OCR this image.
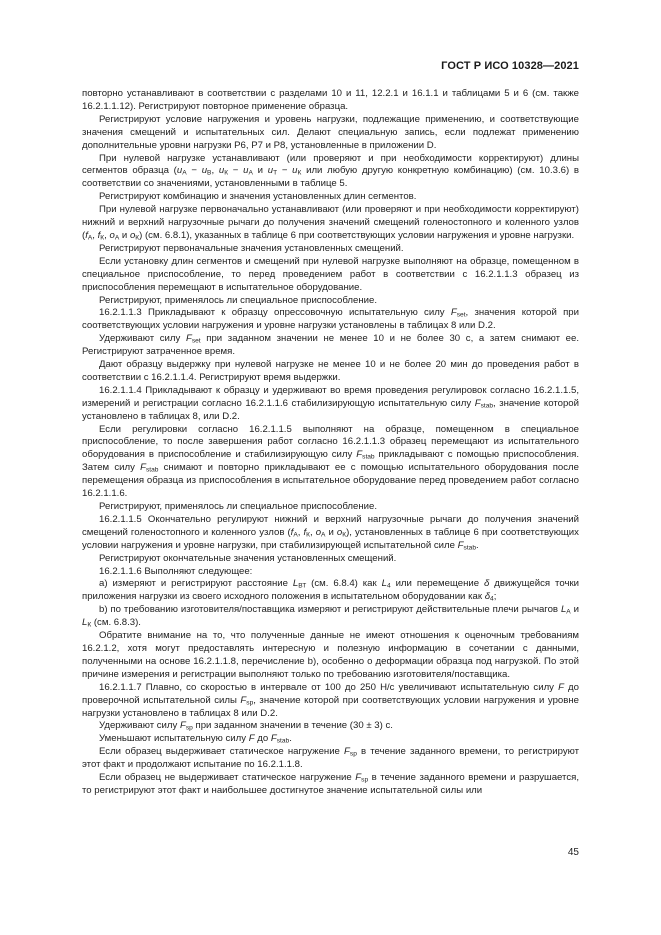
ГОСТ Р ИСО 10328—2021

повторно устанавливают в соответствии с разделами 10 и 11, 12.2.1 и 16.1.1 и таблицами 5 и 6 (см. также 16.2.1.1.12). Регистрируют повторное применение образца.

Регистрируют условие нагружения и уровень нагрузки, подлежащие применению, и соответствующие значения смещений и испытательных сил. Делают специальную запись, если подлежат применению дополнительные уровни нагрузки Р6, Р7 и Р8, установленные в приложении D.

При нулевой нагрузке устанавливают (или проверяют и при необходимости корректируют) длины сегментов образца ($u_А - u_В$, $u_К - u_А$ и $u_Т - u_К$ или любую другую конкретную комбинацию) (см. 10.3.6) в соответствии со значениями, установленными в таблице 5.

Регистрируют комбинацию и значения установленных длин сегментов.

При нулевой нагрузке первоначально устанавливают (или проверяют и при необходимости корректируют) нижний и верхний нагрузочные рычаги до получения значений смещений голеностопного и коленного узлов ($f_А$, $f_К$, $o_А$ и $o_К$) (см. 6.8.1), указанных в таблице 6 при соответствующих условии нагружения и уровне нагрузки.

Регистрируют первоначальные значения установленных смещений.

Если установку длин сегментов и смещений при нулевой нагрузке выполняют на образце, помещенном в специальное приспособление, то перед проведением работ в соответствии с 16.2.1.1.3 образец из приспособления перемещают в испытательное оборудование.

Регистрируют, применялось ли специальное приспособление.

16.2.1.1.3 Прикладывают к образцу опрессовочную испытательную силу $F_{set}$, значения которой при соответствующих условии нагружения и уровне нагрузки установлены в таблицах 8 или D.2.

Удерживают силу $F_{set}$ при заданном значении не менее 10 и не более 30 с, а затем снимают ее. Регистрируют затраченное время.

Дают образцу выдержку при нулевой нагрузке не менее 10 и не более 20 мин до проведения работ в соответствии с 16.2.1.1.4. Регистрируют время выдержки.

16.2.1.1.4 Прикладывают к образцу и удерживают во время проведения регулировок согласно 16.2.1.1.5, измерений и регистрации согласно 16.2.1.1.6 стабилизирующую испытательную силу $F_{stab}$, значение которой установлено в таблицах 8, или D.2.

Если регулировки согласно 16.2.1.1.5 выполняют на образце, помещенном в специальное приспособление, то после завершения работ согласно 16.2.1.1.3 образец перемещают из испытательного оборудования в приспособление и стабилизирующую силу $F_{stab}$ прикладывают с помощью приспособления. Затем силу $F_{stab}$ снимают и повторно прикладывают ее с помощью испытательного оборудования после перемещения образца из приспособления в испытательное оборудование перед проведением работ согласно 16.2.1.1.6.

Регистрируют, применялось ли специальное приспособление.

16.2.1.1.5 Окончательно регулируют нижний и верхний нагрузочные рычаги до получения значений смещений голеностопного и коленного узлов ($f_А$, $f_К$, $o_А$ и $o_К$), установленных в таблице 6 при соответствующих условии нагружения и уровне нагрузки, при стабилизирующей испытательной силе $F_{stab}$.

Регистрируют окончательные значения установленных смещений.

16.2.1.1.6 Выполняют следующее:

a) измеряют и регистрируют расстояние $L_{ВТ}$ (см. 6.8.4) как $L_4$ или перемещение δ движущейся точки приложения нагрузки из своего исходного положения в испытательном оборудовании как $\delta_4$;

b) по требованию изготовителя/поставщика измеряют и регистрируют действительные плечи рычагов $L_А$ и $L_К$ (см. 6.8.3).

Обратите внимание на то, что полученные данные не имеют отношения к оценочным требованиям 16.2.1.2, хотя могут предоставлять интересную и полезную информацию в сочетании с данными, полученными на основе 16.2.1.1.8, перечисление b), особенно о деформации образца под нагрузкой. По этой причине измерения и регистрации выполняют только по требованию изготовителя/поставщика.

16.2.1.1.7 Плавно, со скоростью в интервале от 100 до 250 Н/с увеличивают испытательную силу F до проверочной испытательной силы $F_{sp}$, значение которой при соответствующих условии нагружения и уровне нагрузки установлено в таблицах 8 или D.2.

Удерживают силу $F_{sp}$ при заданном значении в течение (30 ± 3) с.

Уменьшают испытательную силу F до $F_{stab}$.

Если образец выдерживает статическое нагружение $F_{sp}$ в течение заданного времени, то регистрируют этот факт и продолжают испытание по 16.2.1.1.8.

Если образец не выдерживает статическое нагружение $F_{sp}$ в течение заданного времени и разрушается, то регистрируют этот факт и наибольшее достигнутое значение испытательной силы или

45
